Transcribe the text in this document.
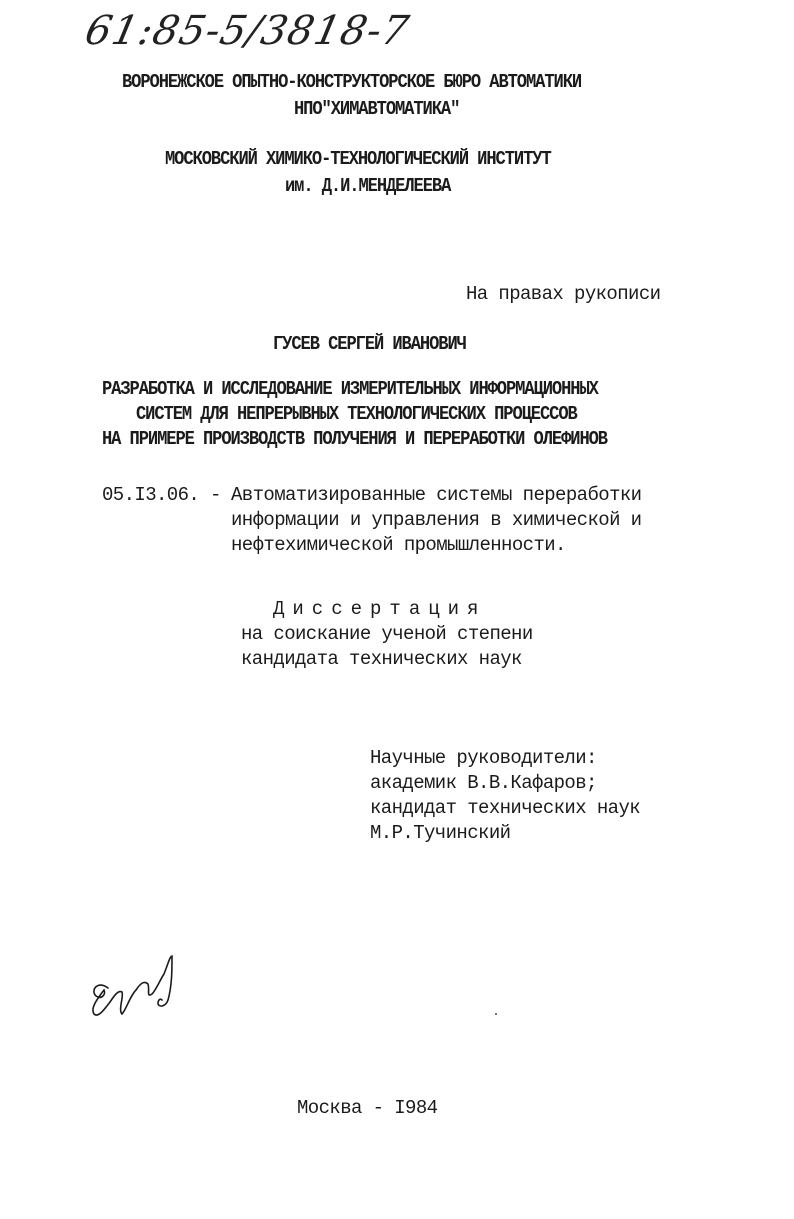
61:85-5/3818-7
ВОРОНЕЖСКОЕ ОПЫТНО-КОНСТРУКТОРСКОЕ БЮРО АВТОМАТИКИ
НПО"ХИМАВТОМАТИКА"
МОСКОВСКИЙ ХИМИКО-ТЕХНОЛОГИЧЕСКИЙ ИНСТИТУТ
им. Д.И.МЕНДЕЛЕЕВА
На правах рукописи
ГУСЕВ СЕРГЕЙ ИВАНОВИЧ
РАЗРАБОТКА И ИССЛЕДОВАНИЕ ИЗМЕРИТЕЛЬНЫХ ИНФОРМАЦИОННЫХ
СИСТЕМ ДЛЯ НЕПРЕРЫВНЫХ ТЕХНОЛОГИЧЕСКИХ ПРОЦЕССОВ
НА ПРИМЕРЕ ПРОИЗВОДСТВ ПОЛУЧЕНИЯ И ПЕРЕРАБОТКИ ОЛЕФИНОВ
05.I3.06. - Автоматизированные системы переработки
информации и управления в химической и
нефтехимической промышленности.
Диссертация
на соискание ученой степени
кандидата технических наук
Научные руководители:
академик В.В.Кафаров;
кандидат технических наук
М.Р.Тучинский
Москва - I984
